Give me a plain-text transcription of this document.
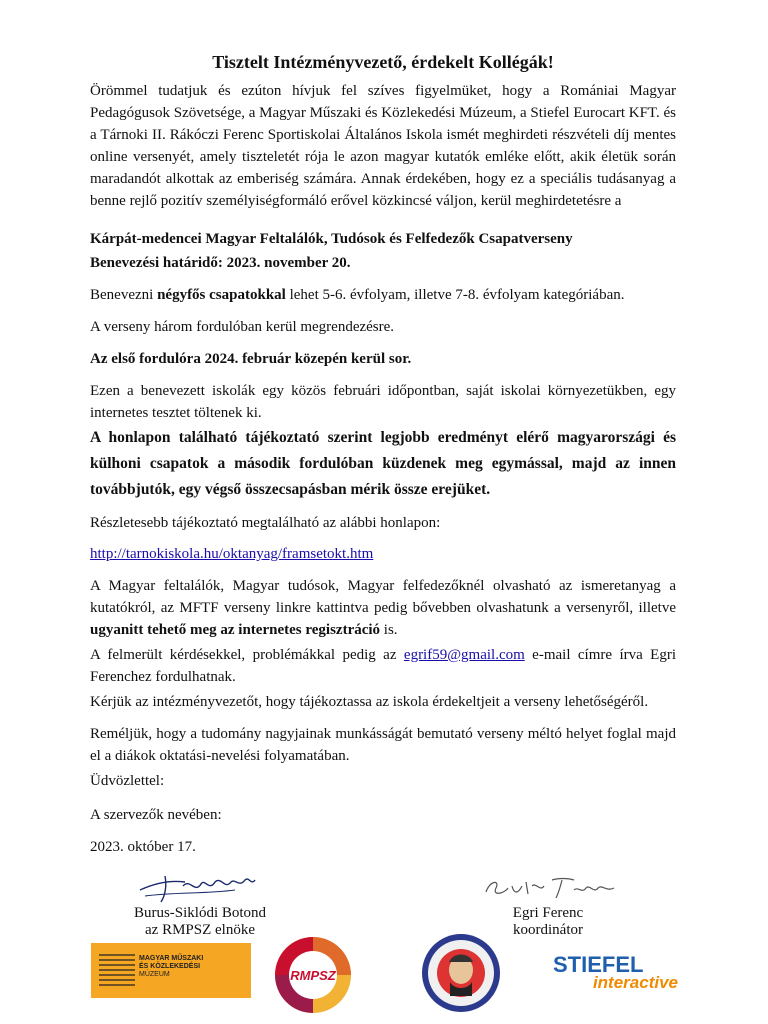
Tisztelt Intézményvezető, érdekelt Kollégák!

Örömmel tudatjuk és ezúton hívjuk fel szíves figyelmüket, hogy a Romániai Magyar Pedagógusok Szövetsége, a Magyar Műszaki és Közlekedési Múzeum, a Stiefel Eurocart KFT. és a Tárnoki II. Rákóczi Ferenc Sportiskolai Általános Iskola ismét meghirdeti részvételi díj mentes online versenyét, amely tiszteletét rója le azon magyar kutatók emléke előtt, akik életük során maradandót alkottak az emberiség számára. Annak érdekében, hogy ez a speciális tudásanyag a benne rejlő pozitív személyiségformáló erővel közkincsé váljon, kerül meghirdetetésre a

Kárpát-medencei Magyar Feltalálók, Tudósok és Felfedezők Csapatverseny

Benevezési határidő: 2023. november 20.

Benevezni négyfős csapatokkal lehet 5-6. évfolyam, illetve 7-8. évfolyam kategóriában.

A verseny három fordulóban kerül megrendezésre.

Az első fordulóra 2024. február közepén kerül sor.

Ezen a benevezett iskolák egy közös februári időpontban, saját iskolai környezetükben, egy internetes tesztet töltenek ki.

A honlapon található tájékoztató szerint legjobb eredményt elérő magyarországi és külhoni csapatok a második fordulóban küzdenek meg egymással, majd az innen továbbjutók, egy végső összecsapásban mérik össze erejüket.

Részletesebb tájékoztató megtalálható az alábbi honlapon:

http://tarnokiskola.hu/oktanyag/framsetokt.htm

A Magyar feltalálók, Magyar tudósok, Magyar felfedezőknél olvasható az ismeretanyag a kutatókról, az MFTF verseny linkre kattintva pedig bővebben olvashatunk a versenyről, illetve ugyanitt tehető meg az internetes regisztráció is.

A felmerült kérdésekkel, problémákkal pedig az egrif59@gmail.com e-mail címre írva Egri Ferenchez fordulhatnak.

Kérjük az intézményvezetőt, hogy tájékoztassa az iskola érdekeltjeit a verseny lehetőségéről.

Reméljük, hogy a tudomány nagyjainak munkásságát bemutató verseny méltó helyet foglal majd el a diákok oktatási-nevelési folyamatában.

Üdvözlettel:

A szervezők nevében:

2023. október 17.

Burus-Siklódi Botond
az RMPSZ elnöke
Egri Ferenc
koordinátor
MAGYAR MŰSZAKI
ÉS KÖZLEKEDÉSI
MÚZEUM	RMPSZ	STIEFEL
interactive
